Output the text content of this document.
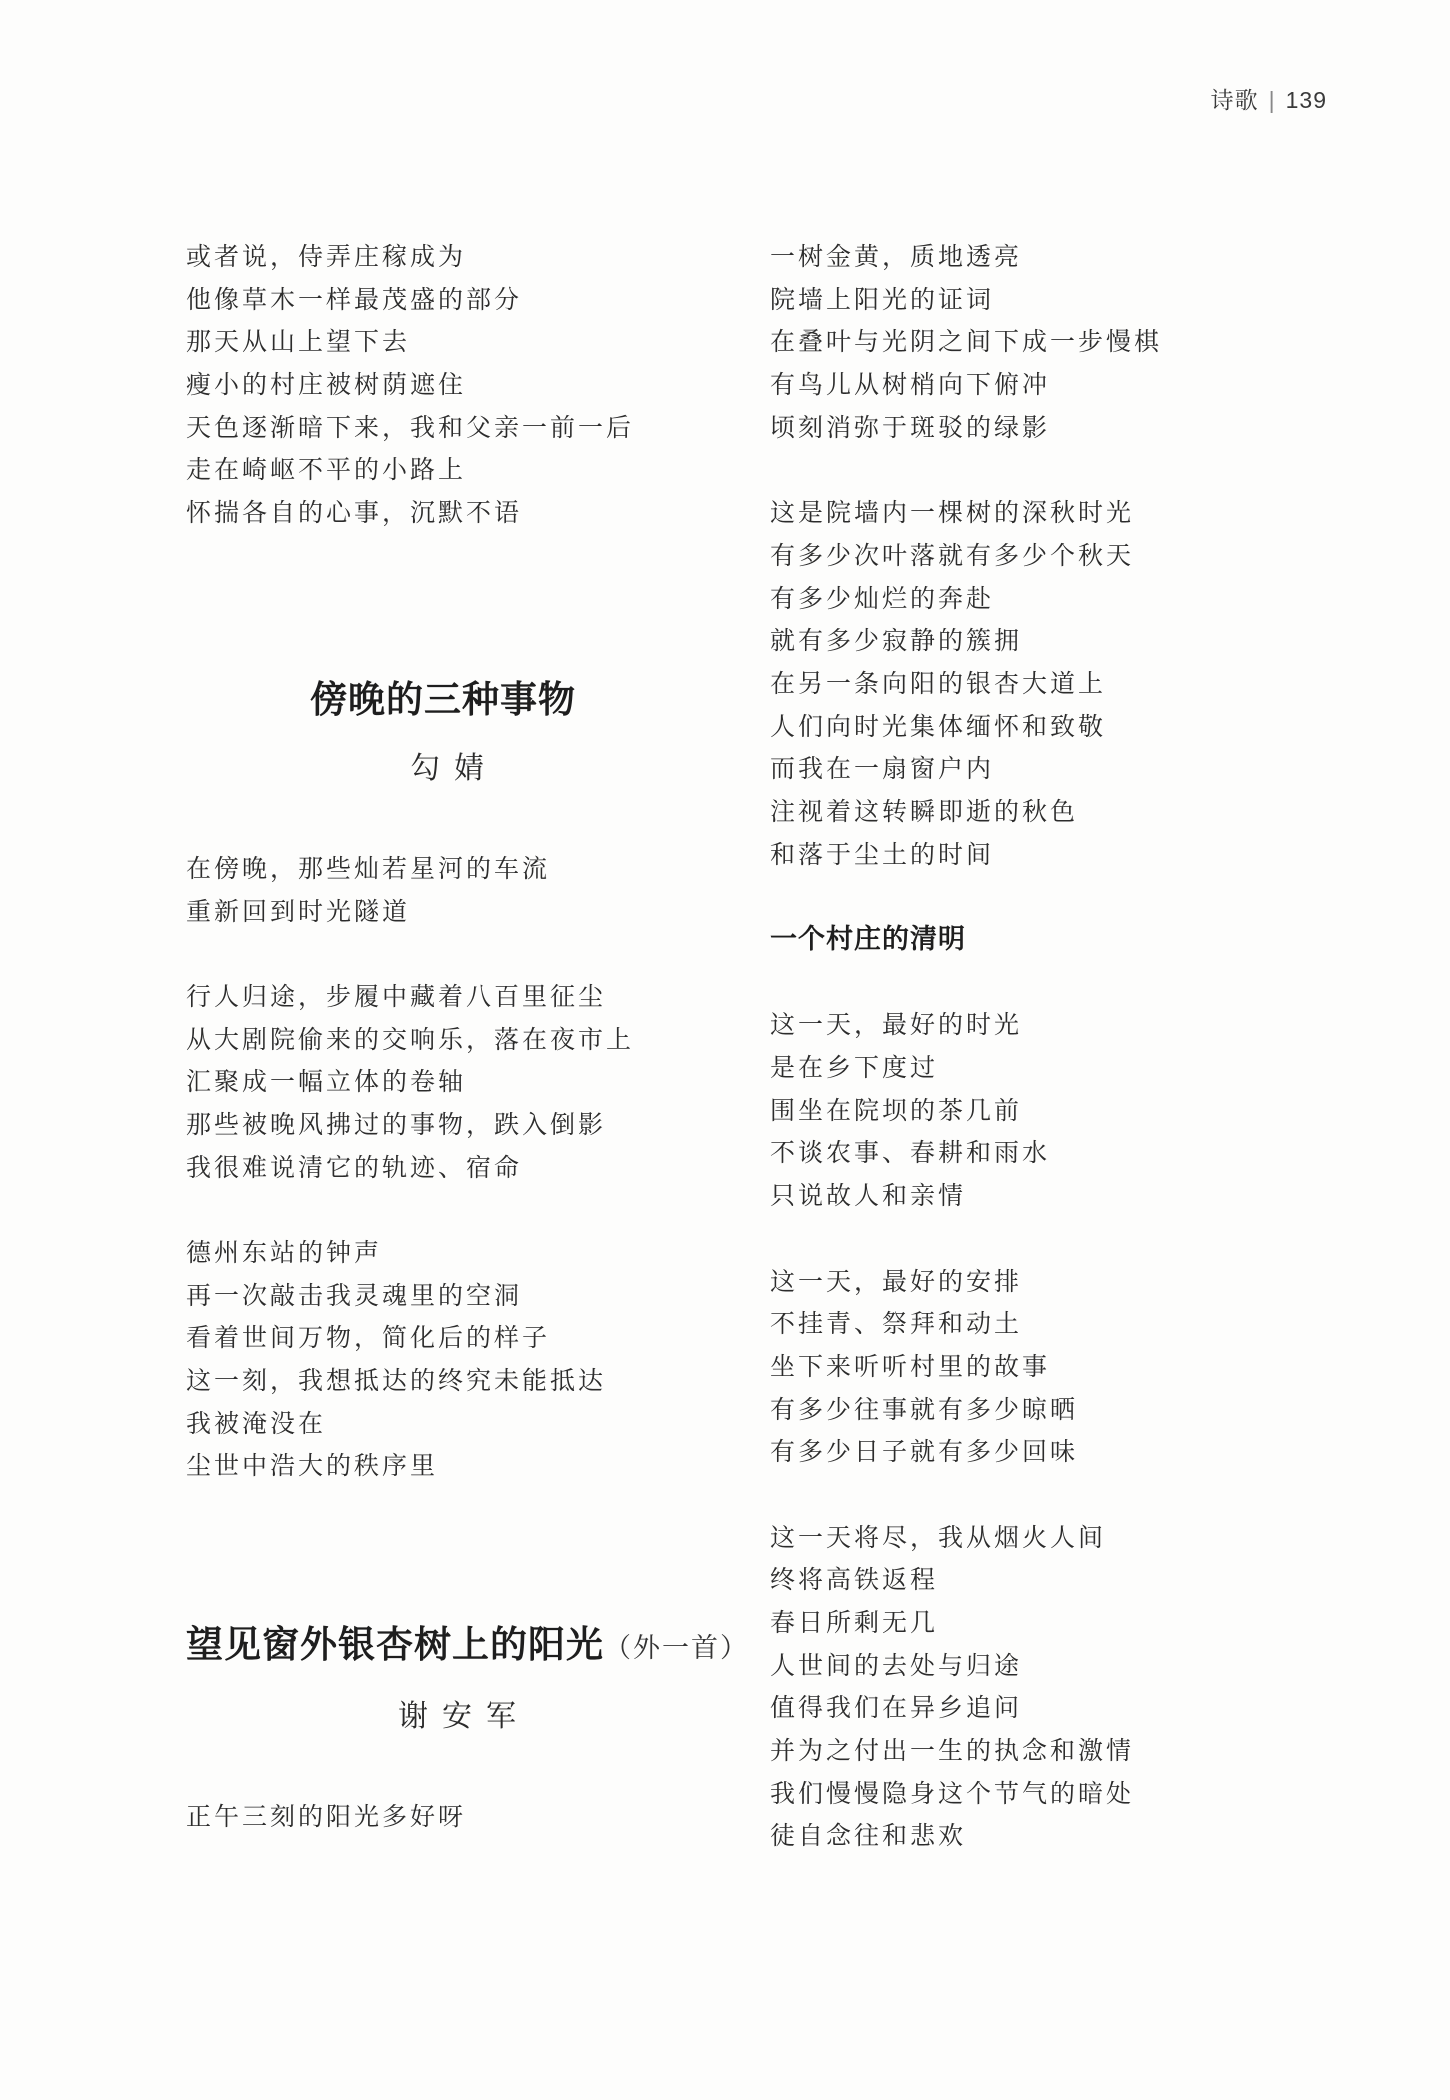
诗歌 | 139
或者说，侍弄庄稼成为
他像草木一样最茂盛的部分
那天从山上望下去
瘦小的村庄被树荫遮住
天色逐渐暗下来，我和父亲一前一后
走在崎岖不平的小路上
怀揣各自的心事，沉默不语
傍晚的三种事物
勾婧
在傍晚，那些灿若星河的车流
重新回到时光隧道
行人归途，步履中藏着八百里征尘
从大剧院偷来的交响乐，落在夜市上
汇聚成一幅立体的卷轴
那些被晚风拂过的事物，跌入倒影
我很难说清它的轨迹、宿命
德州东站的钟声
再一次敲击我灵魂里的空洞
看着世间万物，简化后的样子
这一刻，我想抵达的终究未能抵达
我被淹没在
尘世中浩大的秩序里
望见窗外银杏树上的阳光（外一首）
谢安军
正午三刻的阳光多好呀
一树金黄，质地透亮
院墙上阳光的证词
在叠叶与光阴之间下成一步慢棋
有鸟儿从树梢向下俯冲
顷刻消弥于斑驳的绿影
这是院墙内一棵树的深秋时光
有多少次叶落就有多少个秋天
有多少灿烂的奔赴
就有多少寂静的簇拥
在另一条向阳的银杏大道上
人们向时光集体缅怀和致敬
而我在一扇窗户内
注视着这转瞬即逝的秋色
和落于尘土的时间
一个村庄的清明
这一天，最好的时光
是在乡下度过
围坐在院坝的茶几前
不谈农事、春耕和雨水
只说故人和亲情
这一天，最好的安排
不挂青、祭拜和动土
坐下来听听村里的故事
有多少往事就有多少晾晒
有多少日子就有多少回味
这一天将尽，我从烟火人间
终将高铁返程
春日所剩无几
人世间的去处与归途
值得我们在异乡追问
并为之付出一生的执念和激情
我们慢慢隐身这个节气的暗处
徒自念往和悲欢
